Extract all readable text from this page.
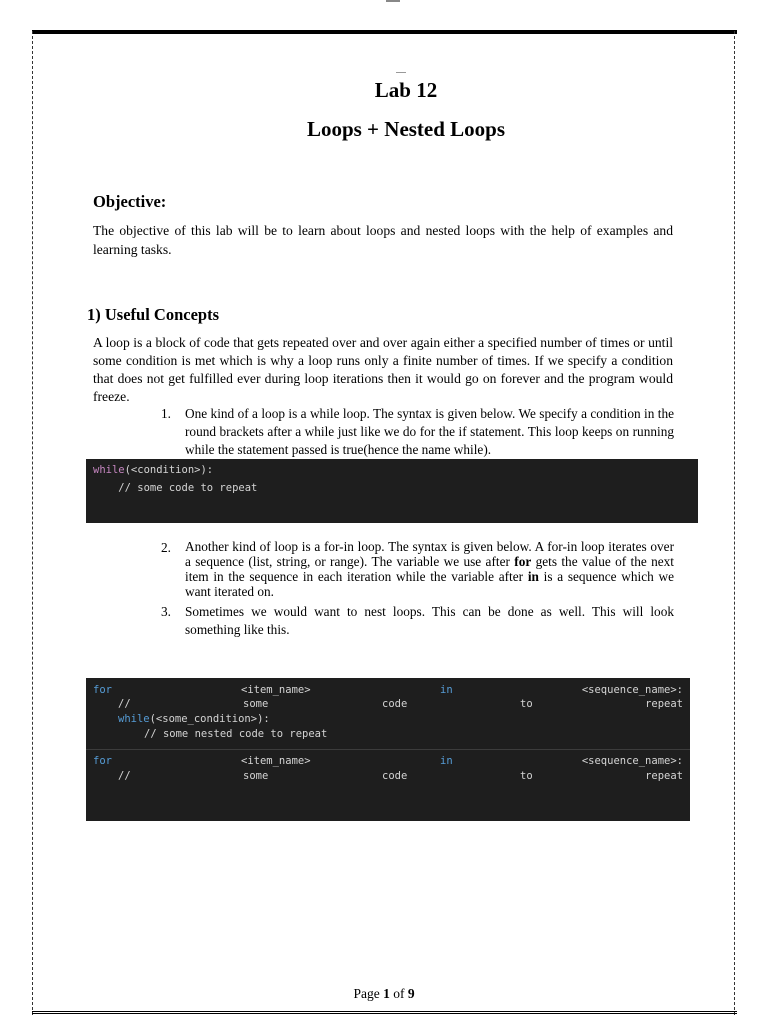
Lab 12
Loops + Nested Loops
Objective:
The objective of this lab will be to learn about loops and nested loops with the help of examples and learning tasks.
1) Useful Concepts
A loop is a block of code that gets repeated over and over again either a specified number of times or until some condition is met which is why a loop runs only a finite number of times. If we specify a condition that does not get fulfilled ever during loop iterations then it would go on forever and the program would freeze.
1. One kind of a loop is a while loop. The syntax is given below. We specify a condition in the round brackets after a while just like we do for the if statement. This loop keeps on running while the statement passed is true(hence the name while).
while(<condition>):
// some code to repeat
2. Another kind of loop is a for-in loop. The syntax is given below. A for-in loop iterates over a sequence (list, string, or range). The variable we use after for gets the value of the next item in the sequence in each iteration while the variable after in is a sequence which we want iterated on.
3. Sometimes we would want to nest loops. This can be done as well. This will look something like this.
for	<item_name>	in	<sequence_name>:
//	some	code	to	repeat
while(<some_condition>):
// some nested code to repeat
for	<item_name>	in	<sequence_name>:
//	some	code	to	repeat
Page 1 of 9
